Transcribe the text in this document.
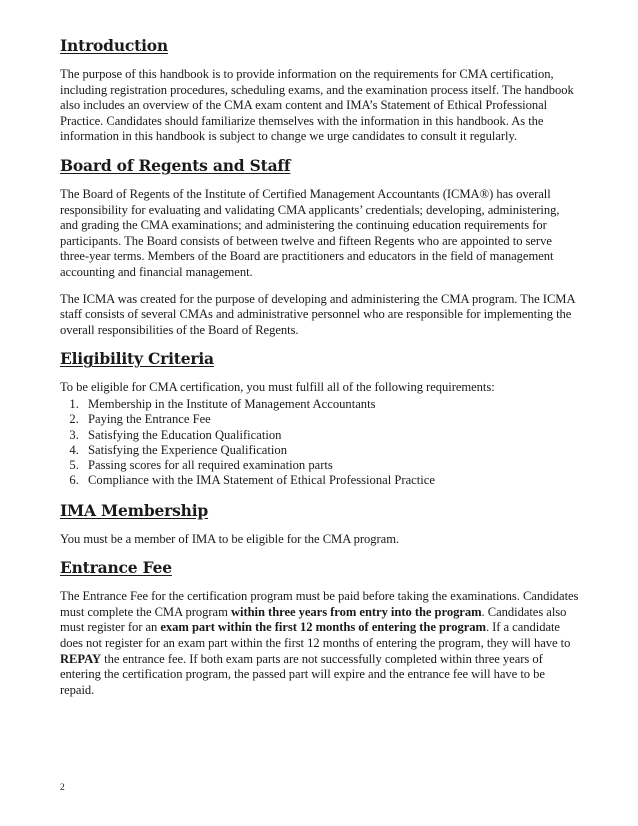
Introduction

The purpose of this handbook is to provide information on the requirements for CMA certification, including registration procedures, scheduling exams, and the examination process itself. The handbook also includes an overview of the CMA exam content and IMA’s Statement of Ethical Professional Practice. Candidates should familiarize themselves with the information in this handbook. As the information in this handbook is subject to change we urge candidates to consult it regularly.

Board of Regents and Staff

The Board of Regents of the Institute of Certified Management Accountants (ICMA®) has overall responsibility for evaluating and validating CMA applicants’ credentials; developing, administering, and grading the CMA examinations; and administering the continuing education requirements for participants. The Board consists of between twelve and fifteen Regents who are appointed to serve three-year terms. Members of the Board are practitioners and educators in the field of management accounting and financial management.

The ICMA was created for the purpose of developing and administering the CMA program. The ICMA staff consists of several CMAs and administrative personnel who are responsible for implementing the overall responsibilities of the Board of Regents.

Eligibility Criteria

To be eligible for CMA certification, you must fulfill all of the following requirements:

1. Membership in the Institute of Management Accountants
2. Paying the Entrance Fee
3. Satisfying the Education Qualification
4. Satisfying the Experience Qualification
5. Passing scores for all required examination parts
6. Compliance with the IMA Statement of Ethical Professional Practice
IMA Membership

You must be a member of IMA to be eligible for the CMA program.

Entrance Fee

The Entrance Fee for the certification program must be paid before taking the examinations. Candidates must complete the CMA program within three years from entry into the program. Candidates also must register for an exam part within the first 12 months of entering the program. If a candidate does not register for an exam part within the first 12 months of entering the program, they will have to REPAY the entrance fee. If both exam parts are not successfully completed within three years of entering the certification program, the passed part will expire and the entrance fee will have to be repaid.

2
